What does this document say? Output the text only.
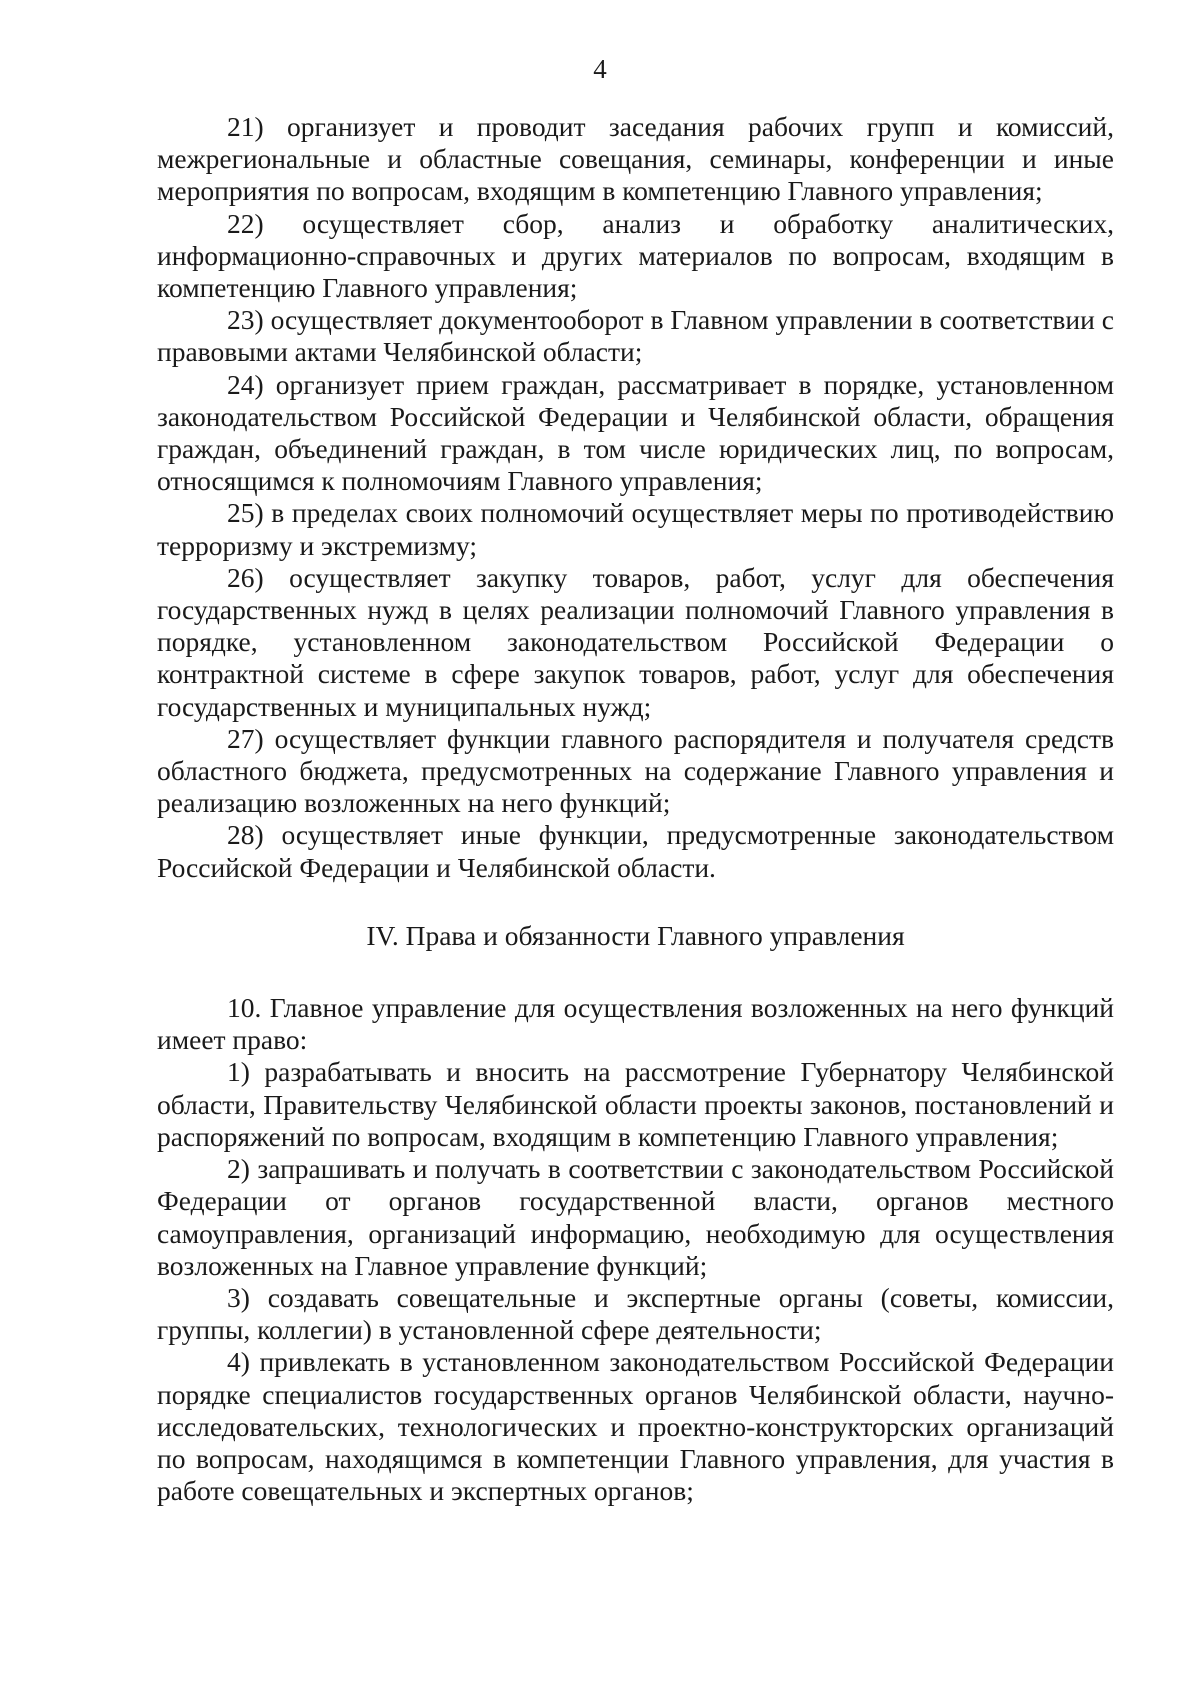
4

21) организует и проводит заседания рабочих групп и комиссий, межрегиональные и областные совещания, семинары, конференции и иные мероприятия по вопросам, входящим в компетенцию Главного управления;

22) осуществляет сбор, анализ и обработку аналитических, информационно-справочных и других материалов по вопросам, входящим в компетенцию Главного управления;

23) осуществляет документооборот в Главном управлении в соответствии с правовыми актами Челябинской области;

24) организует прием граждан, рассматривает в порядке, установленном законодательством Российской Федерации и Челябинской области, обращения граждан, объединений граждан, в том числе юридических лиц, по вопросам, относящимся к полномочиям Главного управления;

25) в пределах своих полномочий осуществляет меры по противодействию терроризму и экстремизму;

26) осуществляет закупку товаров, работ, услуг для обеспечения государственных нужд в целях реализации полномочий Главного управления в порядке, установленном законодательством Российской Федерации о контрактной системе в сфере закупок товаров, работ, услуг для обеспечения государственных и муниципальных нужд;

27) осуществляет функции главного распорядителя и получателя средств областного бюджета, предусмотренных на содержание Главного управления и реализацию возложенных на него функций;

28) осуществляет иные функции, предусмотренные законодательством Российской Федерации и Челябинской области.

IV. Права и обязанности Главного управления

10. Главное управление для осуществления возложенных на него функций имеет право:

1) разрабатывать и вносить на рассмотрение Губернатору Челябинской области, Правительству Челябинской области проекты законов, постановлений и распоряжений по вопросам, входящим в компетенцию Главного управления;

2) запрашивать и получать в соответствии с законодательством Российской Федерации от органов государственной власти, органов местного самоуправления, организаций информацию, необходимую для осуществления возложенных на Главное управление функций;

3) создавать совещательные и экспертные органы (советы, комиссии, группы, коллегии) в установленной сфере деятельности;

4) привлекать в установленном законодательством Российской Федерации порядке специалистов государственных органов Челябинской области, научно-исследовательских, технологических и проектно-конструкторских организаций по вопросам, находящимся в компетенции Главного управления, для участия в работе совещательных и экспертных органов;
